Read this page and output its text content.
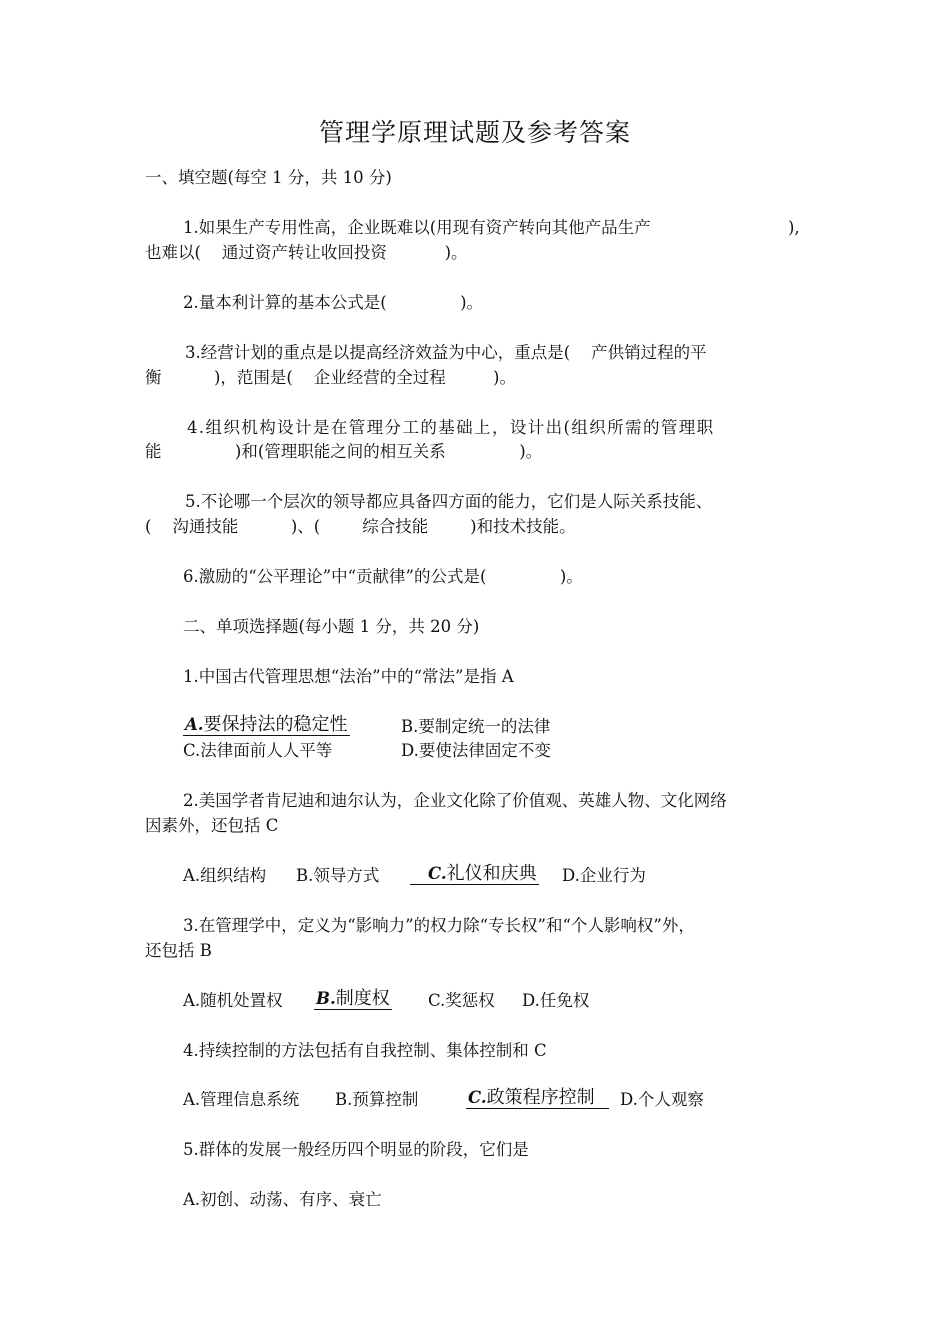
管理学原理试题及参考答案
一、填空题(每空 1 分，共 10 分)
1.如果生产专用性高，企业既难以(用现有资产转向其他产品生产	),
也难以(    通过资产转让收回投资           )。
2.量本利计算的基本公式是(              )。
3.经营计划的重点是以提高经济效益为中心，重点是(    产供销过程的平
衡          )，范围是(    企业经营的全过程         )。
4.组织机构设计是在管理分工的基础上，设计出(组织所需的管理职
能              )和(管理职能之间的相互关系              )。
5.不论哪一个层次的领导都应具备四方面的能力，它们是人际关系技能、
(    沟通技能          )、(        综合技能        )和技术技能。
6.激励的“公平理论”中“贡献律”的公式是(              )。
二、单项选择题(每小题 1 分，共 20 分)
1.中国古代管理思想“法治”中的“常法”是指 A
A.要保持法的稳定性	B.要制定统一的法律
C.法律面前人人平等	D.要使法律固定不变
2.美国学者肯尼迪和迪尔认为，企业文化除了价值观、英雄人物、文化网络
因素外，还包括 C
A.组织结构 B.领导方式	C.礼仪和庆典 D.企业行为
3.在管理学中，定义为“影响力”的权力除“专长权”和“个人影响权”外，
还包括 B
A.随机处置权 B.制度权 C.奖惩权 D.任免权
4.持续控制的方法包括有自我控制、集体控制和 C
A.管理信息系统 B.预算控制	C.政策程序控制	D.个人观察
5.群体的发展一般经历四个明显的阶段，它们是
A.初创、动荡、有序、衰亡
